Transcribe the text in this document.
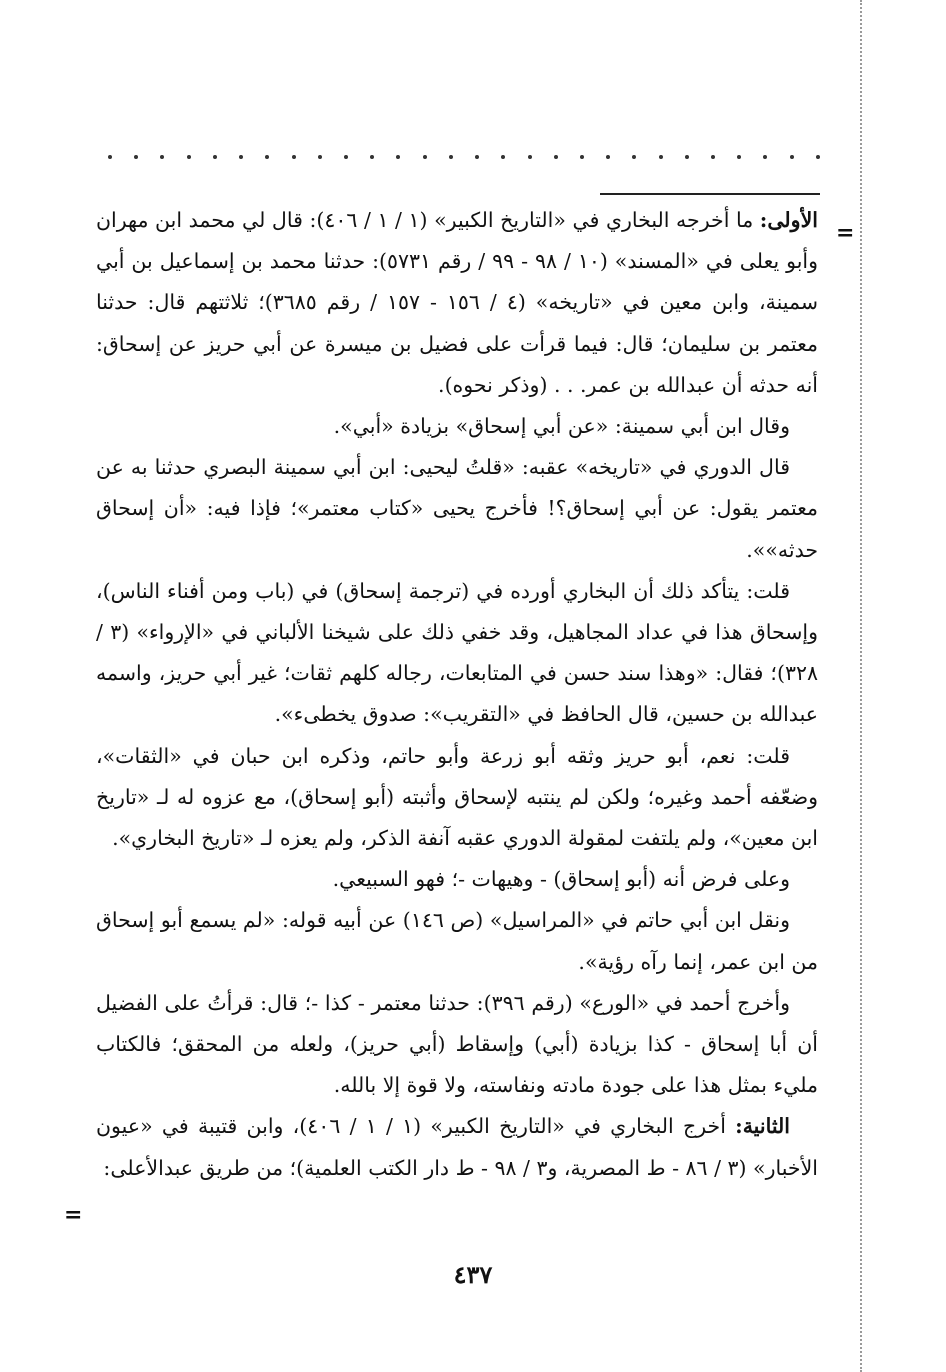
=

الأولى: ما أخرجه البخاري في «التاريخ الكبير» (١ / ١ / ٤٠٦): قال لي محمد ابن مهران وأبو يعلى في «المسند» (١٠ / ٩٨ - ٩٩ / رقم ٥٧٣١): حدثنا محمد بن إسماعيل بن أبي سمينة، وابن معين في «تاريخه» (٤ / ١٥٦ - ١٥٧ / رقم ٣٦٨٥)؛ ثلاثتهم قال: حدثنا معتمر بن سليمان؛ قال: فيما قرأت على فضيل بن ميسرة عن أبي حريز عن إسحاق: أنه حدثه أن عبدالله بن عمر. . . (وذكر نحوه).

وقال ابن أبي سمينة: «عن أبي إسحاق» بزيادة «أبي».

قال الدوري في «تاريخه» عقبه: «قلتُ ليحيى: ابن أبي سمينة البصري حدثنا به عن معتمر يقول: عن أبي إسحاق؟! فأخرج يحيى «كتاب معتمر»؛ فإذا فيه: «أن إسحاق حدثه»».

قلت: يتأكد ذلك أن البخاري أورده في (ترجمة إسحاق) في (باب ومن أفناء الناس)، وإسحاق هذا في عداد المجاهيل، وقد خفي ذلك على شيخنا الألباني في «الإرواء» (٣ / ٣٢٨)؛ فقال: «وهذا سند حسن في المتابعات، رجاله كلهم ثقات؛ غير أبي حريز، واسمه عبدالله بن حسين، قال الحافظ في «التقريب»: صدوق يخطىء».

قلت: نعم، أبو حريز وثقه أبو زرعة وأبو حاتم، وذكره ابن حبان في «الثقات»، وضعّفه أحمد وغيره؛ ولكن لم ينتبه لإسحاق وأثبته (أبو إسحاق)، مع عزوه له لـ «تاريخ ابن معين»، ولم يلتفت لمقولة الدوري عقبه آنفة الذكر، ولم يعزه لـ «تاريخ البخاري».

وعلى فرض أنه (أبو إسحاق) - وهيهات -؛ فهو السبيعي.

ونقل ابن أبي حاتم في «المراسيل» (ص ١٤٦) عن أبيه قوله: «لم يسمع أبو إسحاق من ابن عمر، إنما رآه رؤية».

وأخرج أحمد في «الورع» (رقم ٣٩٦): حدثنا معتمر - كذا -؛ قال: قرأتُ على الفضيل أن أبا إسحاق - كذا بزيادة (أبي) وإسقاط (أبي حريز)، ولعله من المحقق؛ فالكتاب مليء بمثل هذا على جودة مادته ونفاسته، ولا قوة إلا بالله.

الثانية: أخرج البخاري في «التاريخ الكبير» (١ / ١ / ٤٠٦)، وابن قتيبة في «عيون الأخبار» (٣ / ٨٦ - ط المصرية، و٣ / ٩٨ - ط دار الكتب العلمية)؛ من طريق عبدالأعلى:

=
٤٣٧
